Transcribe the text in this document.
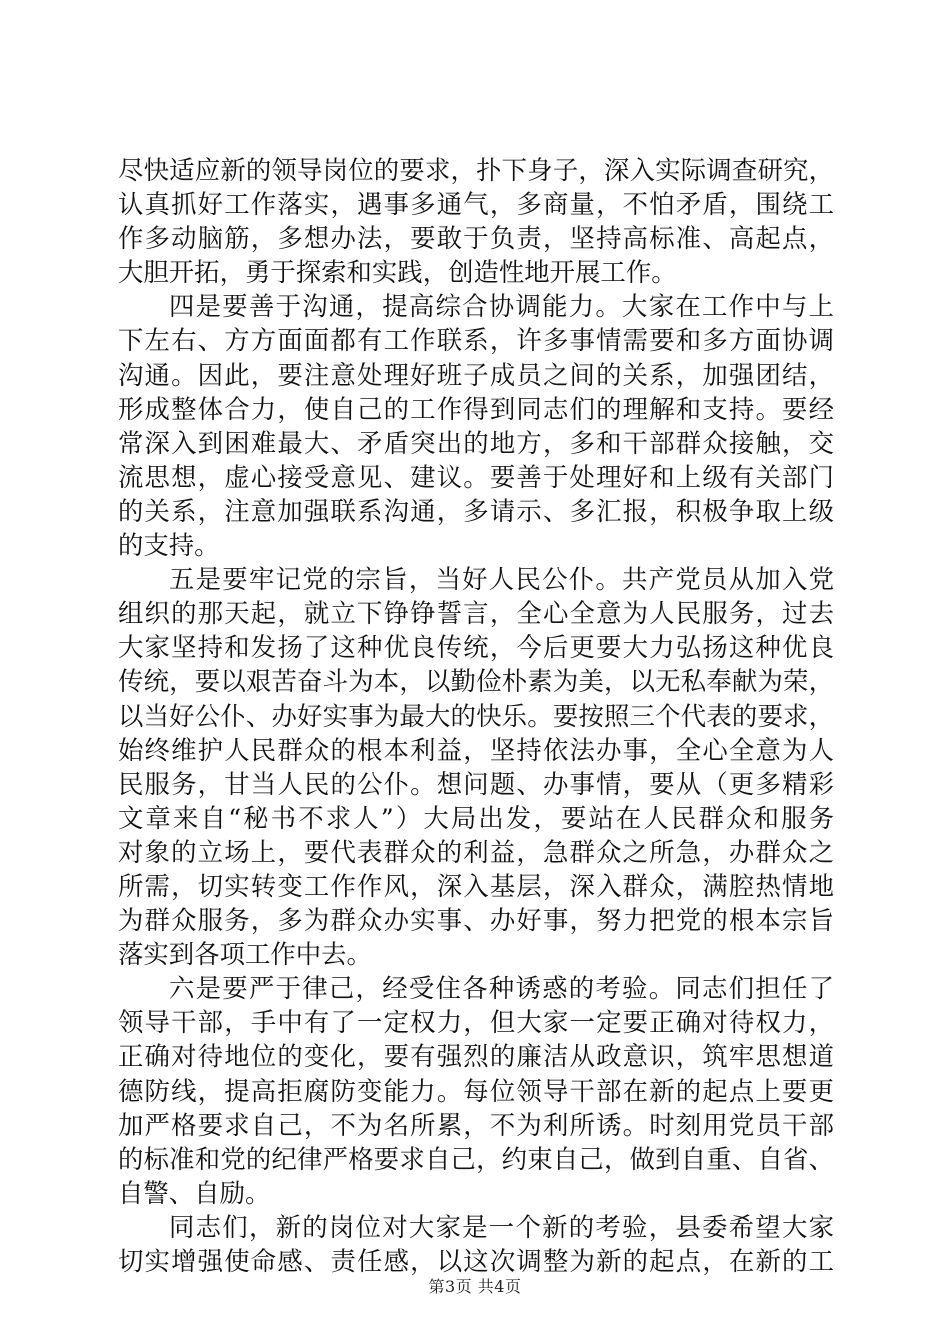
尽快适应新的领导岗位的要求，扑下身子，深入实际调查研究，
认真抓好工作落实，遇事多通气，多商量，不怕矛盾，围绕工
作多动脑筋，多想办法，要敢于负责，坚持高标准、高起点，
大胆开拓，勇于探索和实践，创造性地开展工作。
四是要善于沟通，提高综合协调能力。大家在工作中与上
下左右、方方面面都有工作联系，许多事情需要和多方面协调
沟通。因此，要注意处理好班子成员之间的关系，加强团结，
形成整体合力，使自己的工作得到同志们的理解和支持。要经
常深入到困难最大、矛盾突出的地方，多和干部群众接触，交
流思想，虚心接受意见、建议。要善于处理好和上级有关部门
的关系，注意加强联系沟通，多请示、多汇报，积极争取上级
的支持。
五是要牢记党的宗旨，当好人民公仆。共产党员从加入党
组织的那天起，就立下铮铮誓言，全心全意为人民服务，过去
大家坚持和发扬了这种优良传统，今后更要大力弘扬这种优良
传统，要以艰苦奋斗为本，以勤俭朴素为美，以无私奉献为荣，
以当好公仆、办好实事为最大的快乐。要按照三个代表的要求，
始终维护人民群众的根本利益，坚持依法办事，全心全意为人
民服务，甘当人民的公仆。想问题、办事情，要从（更多精彩
文章来自“秘书不求人”）大局出发，要站在人民群众和服务
对象的立场上，要代表群众的利益，急群众之所急，办群众之
所需，切实转变工作作风，深入基层，深入群众，满腔热情地
为群众服务，多为群众办实事、办好事，努力把党的根本宗旨
落实到各项工作中去。
六是要严于律己，经受住各种诱惑的考验。同志们担任了
领导干部，手中有了一定权力，但大家一定要正确对待权力，
正确对待地位的变化，要有强烈的廉洁从政意识，筑牢思想道
德防线，提高拒腐防变能力。每位领导干部在新的起点上要更
加严格要求自己，不为名所累，不为利所诱。时刻用党员干部
的标准和党的纪律严格要求自己，约束自己，做到自重、自省、
自警、自励。
同志们，新的岗位对大家是一个新的考验，县委希望大家
切实增强使命感、责任感，以这次调整为新的起点，在新的工
第3页 共4页
